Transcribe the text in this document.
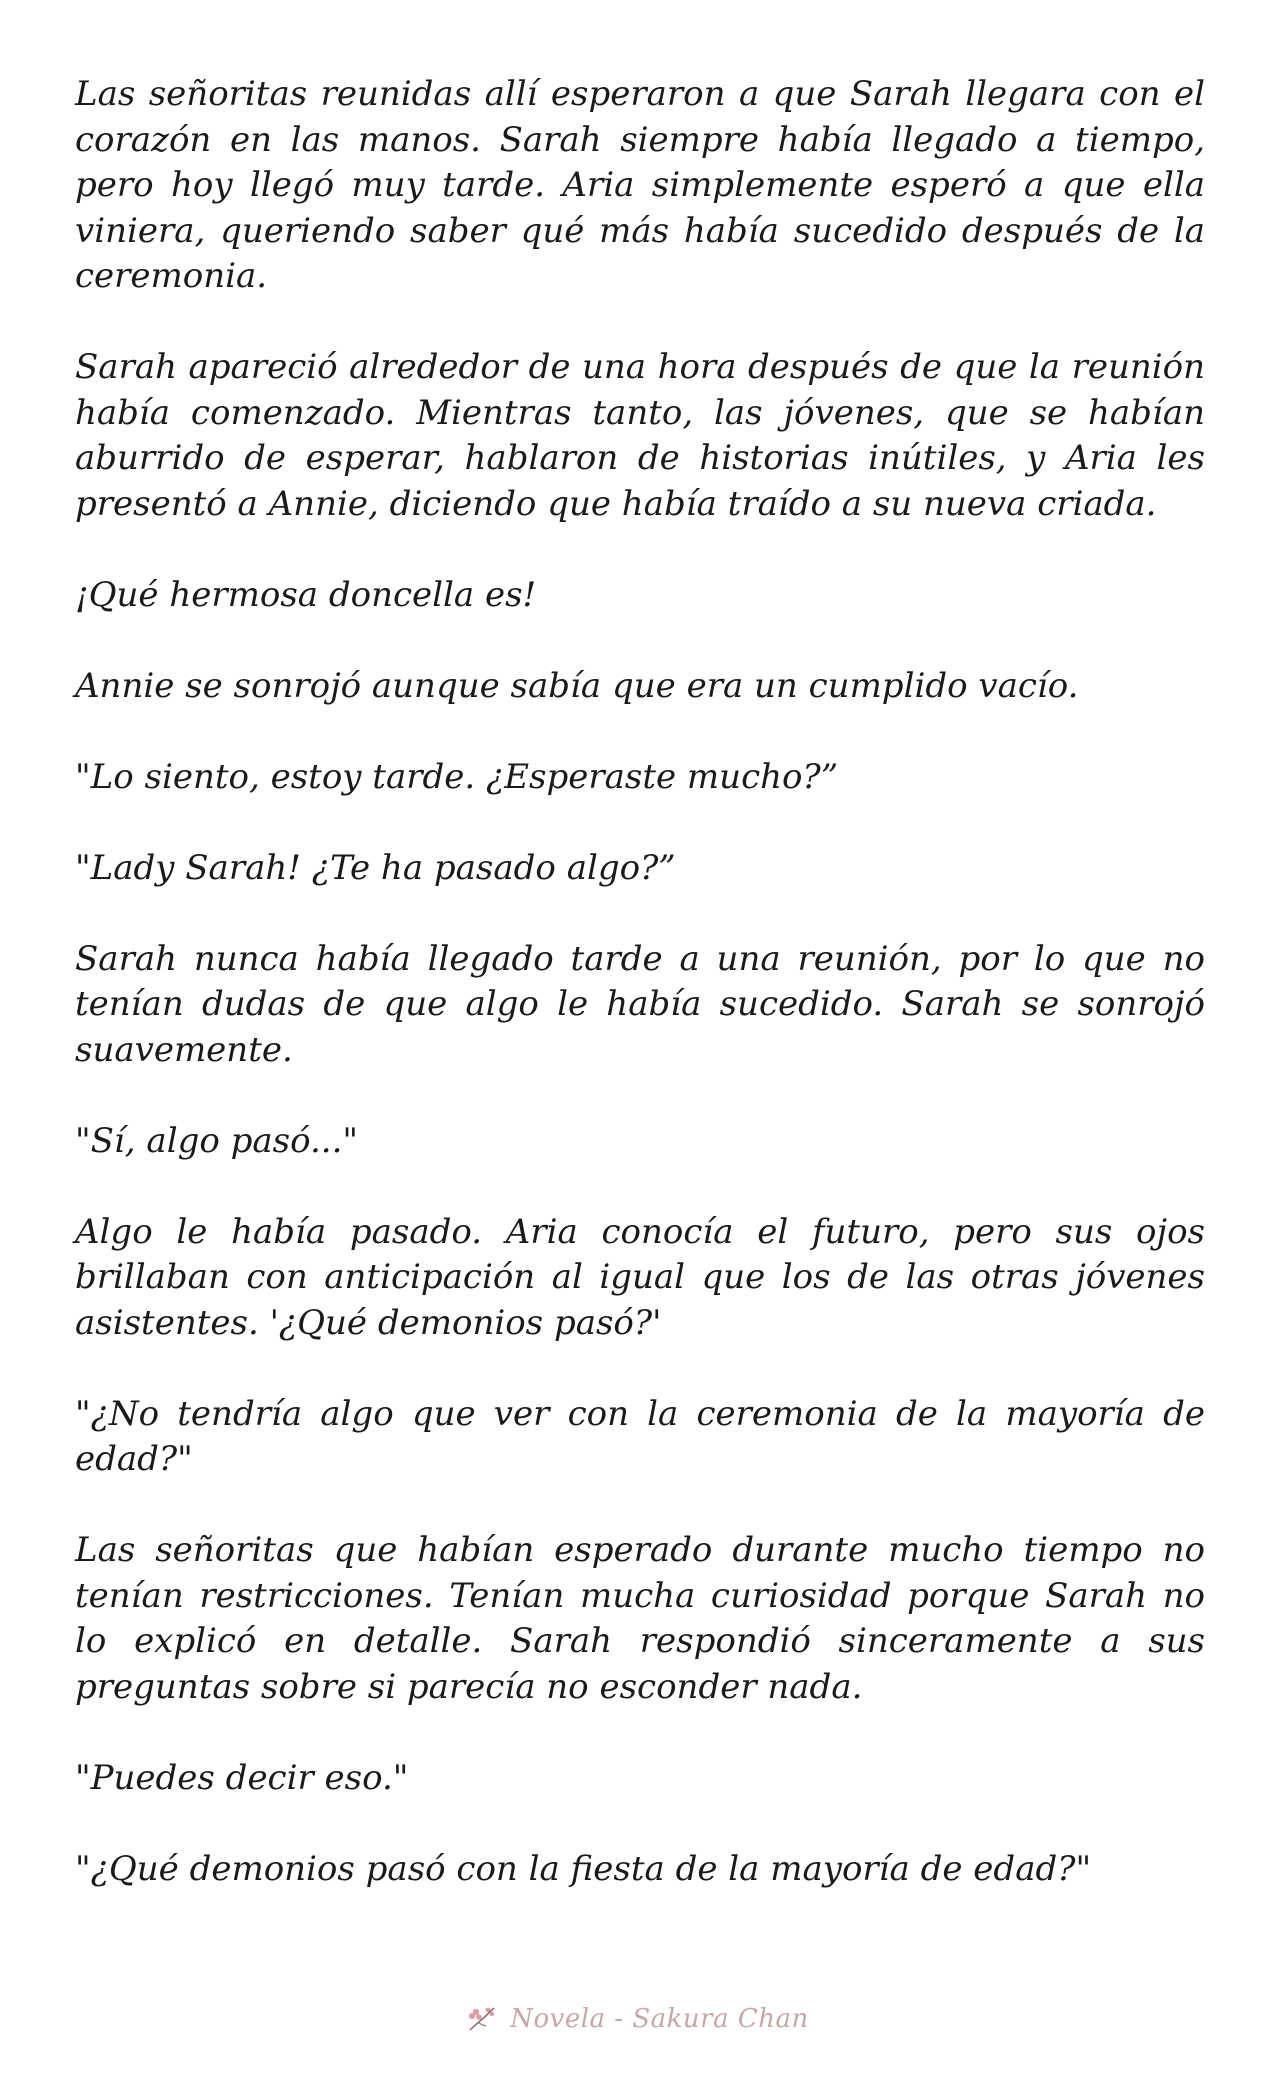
Las señoritas reunidas allí esperaron a que Sarah llegara con el corazón en las manos. Sarah siempre había llegado a tiempo, pero hoy llegó muy tarde. Aria simplemente esperó a que ella viniera, queriendo saber qué más había sucedido después de la ceremonia.

Sarah apareció alrededor de una hora después de que la reunión había comenzado. Mientras tanto, las jóvenes, que se habían aburrido de esperar, hablaron de historias inútiles, y Aria les presentó a Annie, diciendo que había traído a su nueva criada.

¡Qué hermosa doncella es!

Annie se sonrojó aunque sabía que era un cumplido vacío.

"Lo siento, estoy tarde. ¿Esperaste mucho?”

"Lady Sarah! ¿Te ha pasado algo?”

Sarah nunca había llegado tarde a una reunión, por lo que no tenían dudas de que algo le había sucedido. Sarah se sonrojó suavemente.

"Sí, algo pasó..."

Algo le había pasado. Aria conocía el futuro, pero sus ojos brillaban con anticipación al igual que los de las otras jóvenes asistentes. '¿Qué demonios pasó?'

"¿No tendría algo que ver con la ceremonia de la mayoría de edad?"

Las señoritas que habían esperado durante mucho tiempo no tenían restricciones. Tenían mucha curiosidad porque Sarah no lo explicó en detalle. Sarah respondió sinceramente a sus preguntas sobre si parecía no esconder nada.

"Puedes decir eso."

"¿Qué demonios pasó con la fiesta de la mayoría de edad?"

Novela - Sakura Chan
